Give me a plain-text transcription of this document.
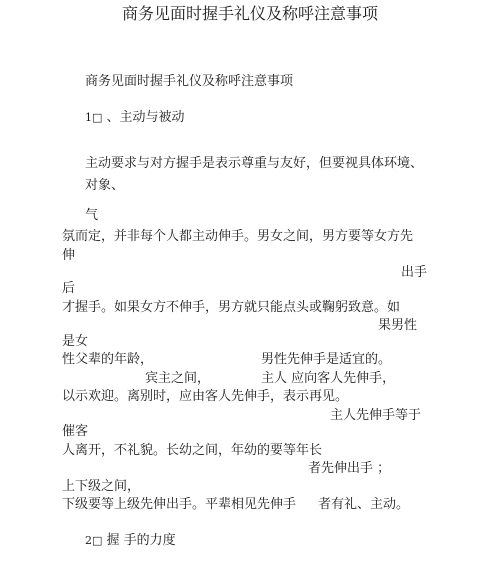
商务见面时握手礼仪及称呼注意事项
商务见面时握手礼仪及称呼注意事项
1□ 、主动与被动
主动要求与对方握手是表示尊重与友好，但要视具体环境、
对象、
气
氛而定，并非每个人都主动伸手。男女之间，男方要等女方先
伸
出手
后
才握手。如果女方不伸手，男方就只能点头或鞠躬致意。如
果男性
是女
性父辈的年龄，	男性先伸手是适宜的。
宾主之间，	主人 应向客人先伸手，
以示欢迎。离别时，应由客人先伸手，表示再见。
主人先伸手等于
催客
人离开，不礼貌。长幼之间，年幼的要等年长
者先伸出手 ；
上下级之间，
下级要等上级先伸出手。平辈相见先伸手 者有礼、主动。
2□ 握 手的力度
